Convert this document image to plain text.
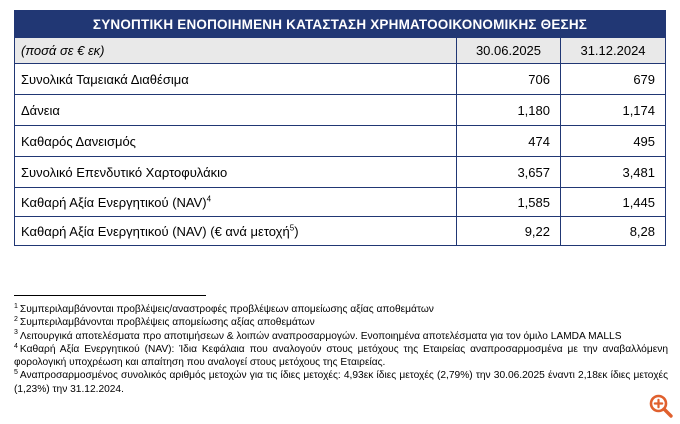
ΣΥΝΟΠΤΙΚΗ ΕΝΟΠΟΙΗΜΕΝΗ ΚΑΤΑΣΤΑΣΗ ΧΡΗΜΑΤΟΟΙΚΟΝΟΜΙΚΗΣ ΘΕΣΗΣ		
(ποσά σε € εκ)	30.06.2025	31.12.2024
Συνολικά Ταμειακά Διαθέσιμα	706	679
Δάνεια	1,180	1,174
Καθαρός Δανεισμός	474	495
Συνολικό Επενδυτικό Χαρτοφυλάκιο	3,657	3,481
Καθαρή Αξία Ενεργητικού (NAV)$^4$	1,585	1,445
Καθαρή Αξία Ενεργητικού (NAV) (€ ανά μετοχή$^5$)	9,22	8,28

$^1$ Συμπεριλαμβάνονται προβλέψεις/αναστροφές προβλέψεων απομείωσης αξίας αποθεμάτων

$^2$ Συμπεριλαμβάνονται προβλέψεις απομείωσης αξίας αποθεμάτων

$^3$ Λειτουργικά αποτελέσματα προ αποτιμήσεων & λοιπών αναπροσαρμογών. Ενοποιημένα αποτελέσματα για τον όμιλο LAMDA MALLS

$^4$ Καθαρή Αξία Ενεργητικού (NAV): Ίδια Κεφάλαια που αναλογούν στους μετόχους της Εταιρείας αναπροσαρμοσμένα με την αναβαλλόμενη φορολογική υποχρέωση και απαίτηση που αναλογεί στους μετόχους της Εταιρείας.

$^5$ Αναπροσαρμοσμένος συνολικός αριθμός μετοχών για τις ίδιες μετοχές: 4,93εκ ίδιες μετοχές (2,79%) την 30.06.2025 έναντι 2,18εκ ίδιες μετοχές (1,23%) την 31.12.2024.
